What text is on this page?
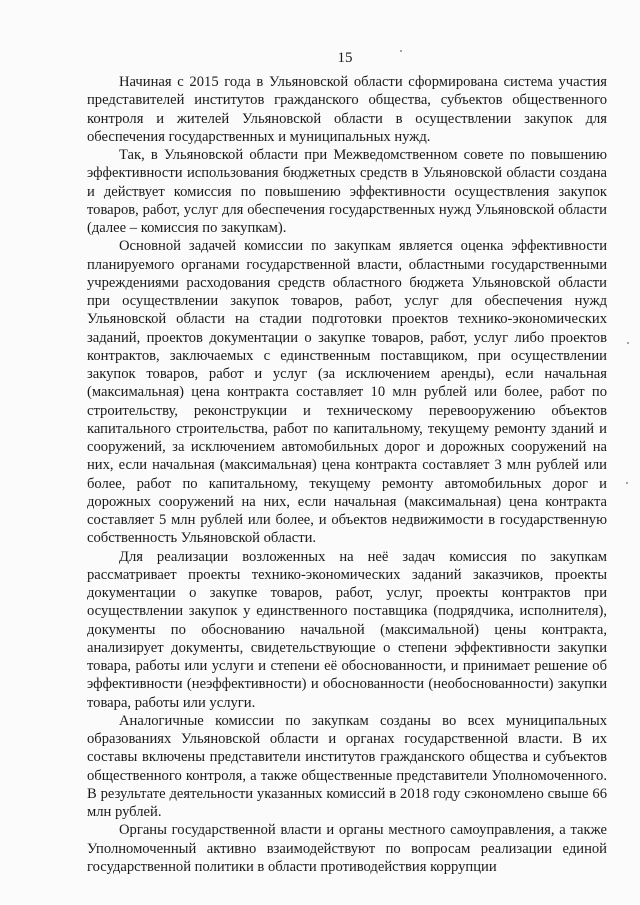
15

Начиная с 2015 года в Ульяновской области сформирована система участия представителей институтов гражданского общества, субъектов общественного контроля и жителей Ульяновской области в осуществлении закупок для обеспечения государственных и муниципальных нужд.

Так, в Ульяновской области при Межведомственном совете по повышению эффективности использования бюджетных средств в Ульяновской области создана и действует комиссия по повышению эффективности осуществления закупок товаров, работ, услуг для обеспечения государственных нужд Ульяновской области (далее – комиссия по закупкам).

Основной задачей комиссии по закупкам является оценка эффективности планируемого органами государственной власти, областными государственными учреждениями расходования средств областного бюджета Ульяновской области при осуществлении закупок товаров, работ, услуг для обеспечения нужд Ульяновской области на стадии подготовки проектов технико-экономических заданий, проектов документации о закупке товаров, работ, услуг либо проектов контрактов, заключаемых с единственным поставщиком, при осуществлении закупок товаров, работ и услуг (за исключением аренды), если начальная (максимальная) цена контракта составляет 10 млн рублей или более, работ по строительству, реконструкции и техническому перевооружению объектов капитального строительства, работ по капитальному, текущему ремонту зданий и сооружений, за исключением автомобильных дорог и дорожных сооружений на них, если начальная (максимальная) цена контракта составляет 3 млн рублей или более, работ по капитальному, текущему ремонту автомобильных дорог и дорожных сооружений на них, если начальная (максимальная) цена контракта составляет 5 млн рублей или более, и объектов недвижимости в государственную собственность Ульяновской области.

Для реализации возложенных на неё задач комиссия по закупкам рассматривает проекты технико-экономических заданий заказчиков, проекты документации о закупке товаров, работ, услуг, проекты контрактов при осуществлении закупок у единственного поставщика (подрядчика, исполнителя), документы по обоснованию начальной (максимальной) цены контракта, анализирует документы, свидетельствующие о степени эффективности закупки товара, работы или услуги и степени её обоснованности, и принимает решение об эффективности (неэффективности) и обоснованности (необоснованности) закупки товара, работы или услуги.

Аналогичные комиссии по закупкам созданы во всех муниципальных образованиях Ульяновской области и органах государственной власти. В их составы включены представители институтов гражданского общества и субъектов общественного контроля, а также общественные представители Уполномоченного. В результате деятельности указанных комиссий в 2018 году сэкономлено свыше 66 млн рублей.

Органы государственной власти и органы местного самоуправления, а также Уполномоченный активно взаимодействуют по вопросам реализации единой государственной политики в области противодействия коррупции
